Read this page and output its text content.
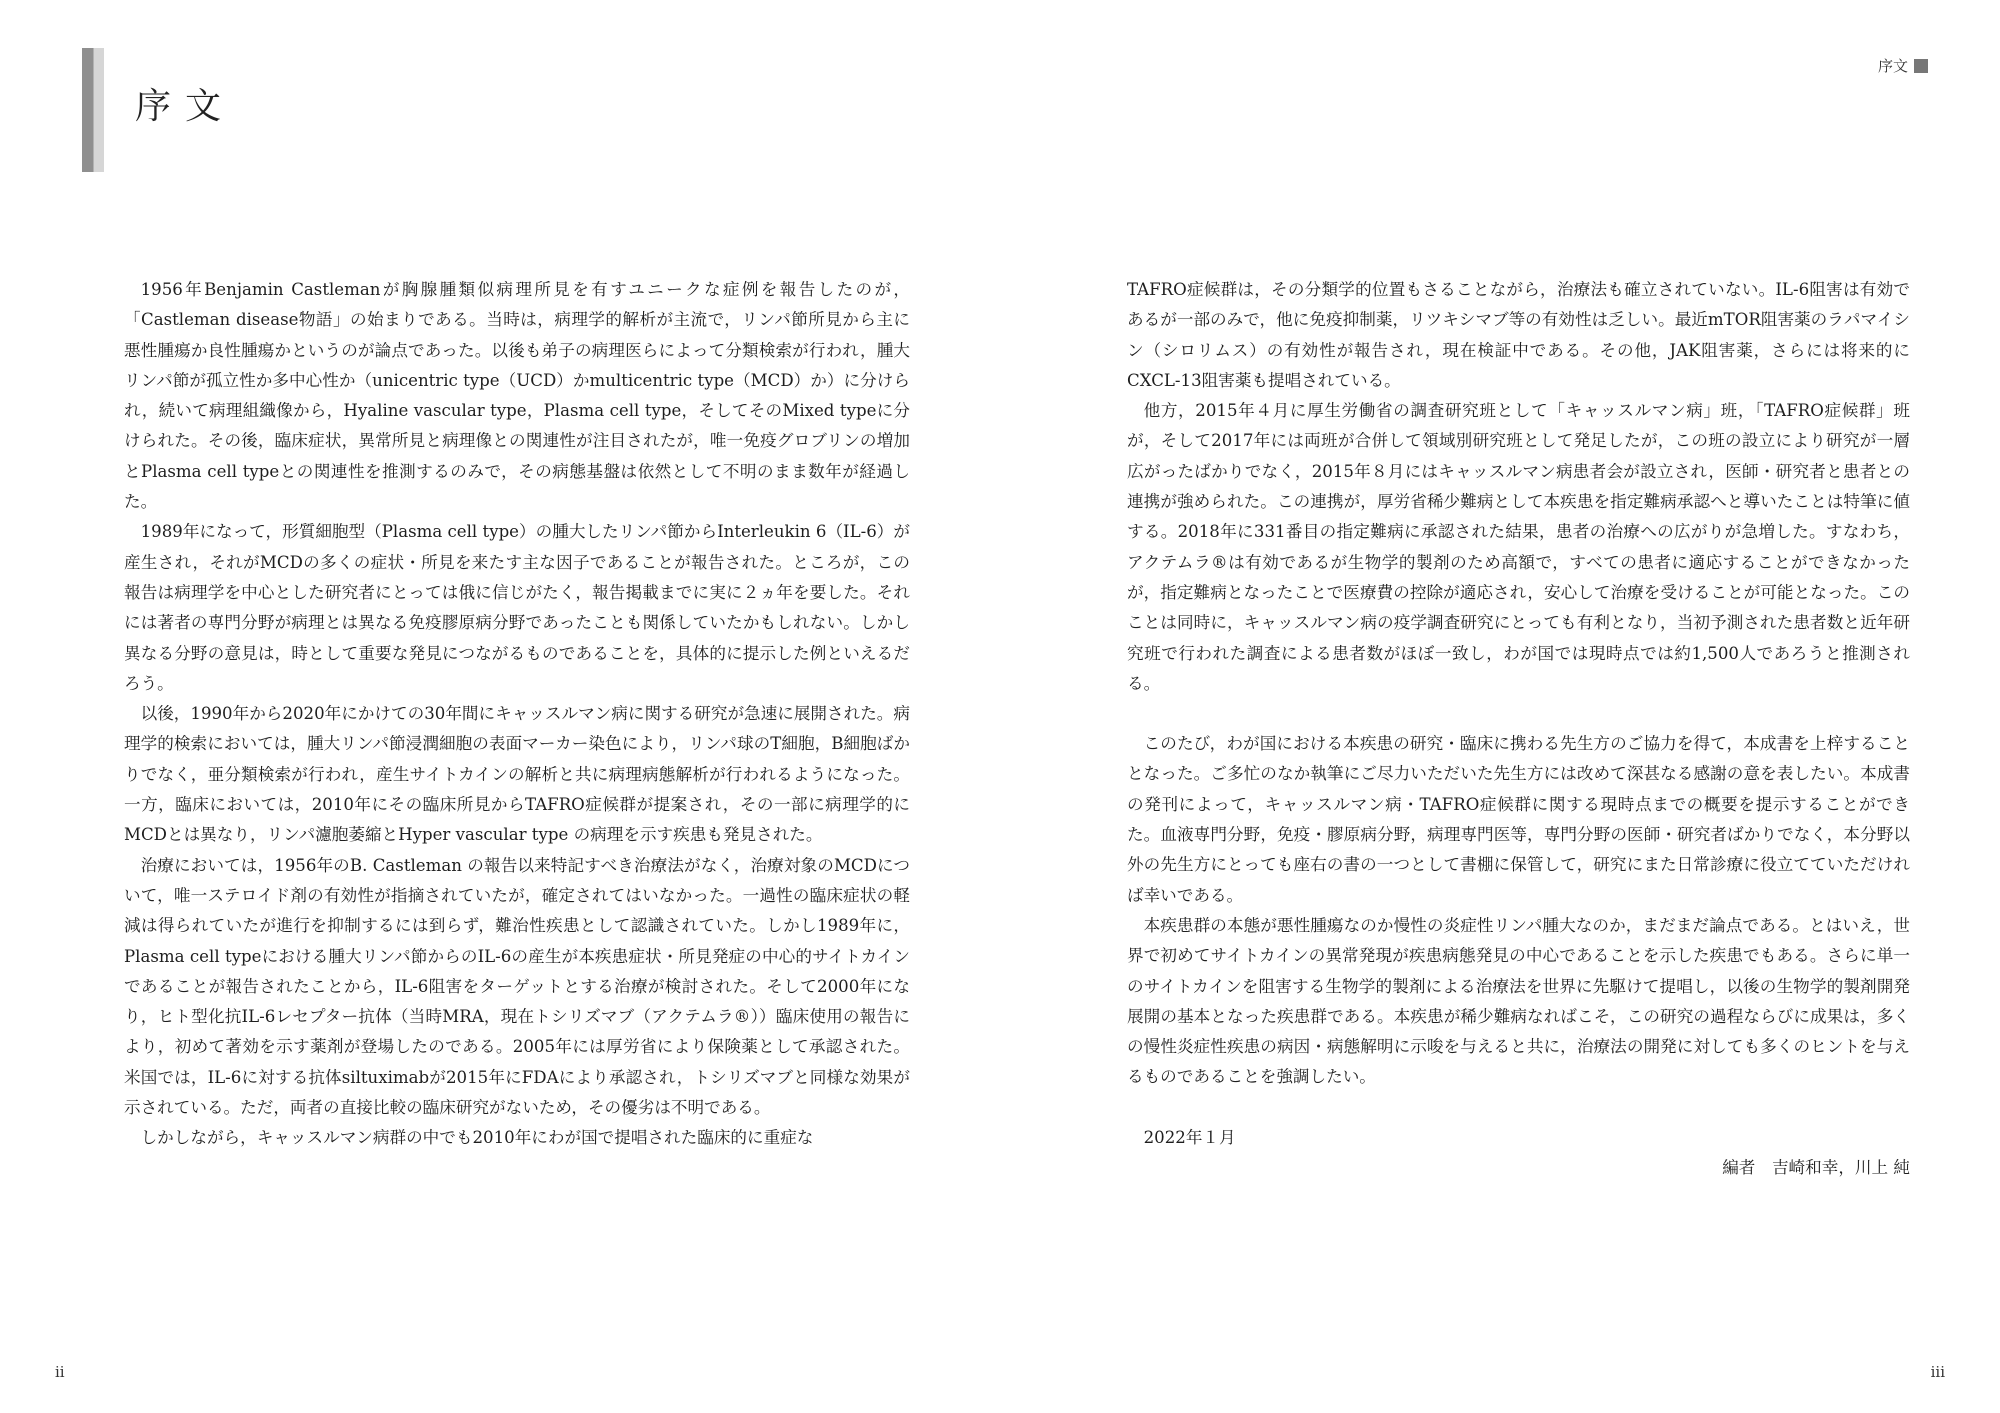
序文
序文

1956年Benjamin Castlemanが胸腺腫類似病理所見を有すユニークな症例を報告したのが，「Castleman disease物語」の始まりである。当時は，病理学的解析が主流で，リンパ節所見から主に悪性腫瘍か良性腫瘍かというのが論点であった。以後も弟子の病理医らによって分類検索が行われ，腫大リンパ節が孤立性か多中心性か（unicentric type（UCD）かmulticentric type（MCD）か）に分けられ，続いて病理組織像から，Hyaline vascular type，Plasma cell type，そしてそのMixed typeに分けられた。その後，臨床症状，異常所見と病理像との関連性が注目されたが，唯一免疫グロブリンの増加とPlasma cell typeとの関連性を推測するのみで，その病態基盤は依然として不明のまま数年が経過した。

1989年になって，形質細胞型（Plasma cell type）の腫大したリンパ節からInterleukin 6（IL-6）が産生され，それがMCDの多くの症状・所見を来たす主な因子であることが報告された。ところが，この報告は病理学を中心とした研究者にとっては俄に信じがたく，報告掲載までに実に２ヵ年を要した。それには著者の専門分野が病理とは異なる免疫膠原病分野であったことも関係していたかもしれない。しかし異なる分野の意見は，時として重要な発見につながるものであることを，具体的に提示した例といえるだろう。

以後，1990年から2020年にかけての30年間にキャッスルマン病に関する研究が急速に展開された。病理学的検索においては，腫大リンパ節浸潤細胞の表面マーカー染色により，リンパ球のT細胞，B細胞ばかりでなく，亜分類検索が行われ，産生サイトカインの解析と共に病理病態解析が行われるようになった。一方，臨床においては，2010年にその臨床所見からTAFRO症候群が提案され，その一部に病理学的にMCDとは異なり，リンパ濾胞萎縮とHyper vascular type の病理を示す疾患も発見された。

治療においては，1956年のB. Castleman の報告以来特記すべき治療法がなく，治療対象のMCDについて，唯一ステロイド剤の有効性が指摘されていたが，確定されてはいなかった。一過性の臨床症状の軽減は得られていたが進行を抑制するには到らず，難治性疾患として認識されていた。しかし1989年に，Plasma cell typeにおける腫大リンパ節からのIL-6の産生が本疾患症状・所見発症の中心的サイトカインであることが報告されたことから，IL-6阻害をターゲットとする治療が検討された。そして2000年になり，ヒト型化抗IL-6レセプター抗体（当時MRA，現在トシリズマブ（アクテムラ®））臨床使用の報告により，初めて著効を示す薬剤が登場したのである。2005年には厚労省により保険薬として承認された。米国では，IL-6に対する抗体siltuximabが2015年にFDAにより承認され，トシリズマブと同様な効果が示されている。ただ，両者の直接比較の臨床研究がないため，その優劣は不明である。

しかしながら，キャッスルマン病群の中でも2010年にわが国で提唱された臨床的に重症な

TAFRO症候群は，その分類学的位置もさることながら，治療法も確立されていない。IL-6阻害は有効であるが一部のみで，他に免疫抑制薬，リツキシマブ等の有効性は乏しい。最近mTOR阻害薬のラパマイシン（シロリムス）の有効性が報告され，現在検証中である。その他，JAK阻害薬，さらには将来的にCXCL-13阻害薬も提唱されている。

他方，2015年４月に厚生労働省の調査研究班として「キャッスルマン病」班，「TAFRO症候群」班が，そして2017年には両班が合併して領域別研究班として発足したが，この班の設立により研究が一層広がったばかりでなく，2015年８月にはキャッスルマン病患者会が設立され，医師・研究者と患者との連携が強められた。この連携が，厚労省稀少難病として本疾患を指定難病承認へと導いたことは特筆に値する。2018年に331番目の指定難病に承認された結果，患者の治療への広がりが急増した。すなわち，アクテムラ®は有効であるが生物学的製剤のため高額で，すべての患者に適応することができなかったが，指定難病となったことで医療費の控除が適応され，安心して治療を受けることが可能となった。このことは同時に，キャッスルマン病の疫学調査研究にとっても有利となり，当初予測された患者数と近年研究班で行われた調査による患者数がほぼ一致し，わが国では現時点では約1,500人であろうと推測される。

このたび，わが国における本疾患の研究・臨床に携わる先生方のご協力を得て，本成書を上梓することとなった。ご多忙のなか執筆にご尽力いただいた先生方には改めて深甚なる感謝の意を表したい。本成書の発刊によって，キャッスルマン病・TAFRO症候群に関する現時点までの概要を提示することができた。血液専門分野，免疫・膠原病分野，病理専門医等，専門分野の医師・研究者ばかりでなく，本分野以外の先生方にとっても座右の書の一つとして書棚に保管して，研究にまた日常診療に役立てていただければ幸いである。

本疾患群の本態が悪性腫瘍なのか慢性の炎症性リンパ腫大なのか，まだまだ論点である。とはいえ，世界で初めてサイトカインの異常発現が疾患病態発見の中心であることを示した疾患でもある。さらに単一のサイトカインを阻害する生物学的製剤による治療法を世界に先駆けて提唱し，以後の生物学的製剤開発展開の基本となった疾患群である。本疾患が稀少難病なればこそ，この研究の過程ならびに成果は，多くの慢性炎症性疾患の病因・病態解明に示唆を与えると共に，治療法の開発に対しても多くのヒントを与えるものであることを強調したい。

2022年１月

編者　吉崎和幸，川上 純

ii	iii
